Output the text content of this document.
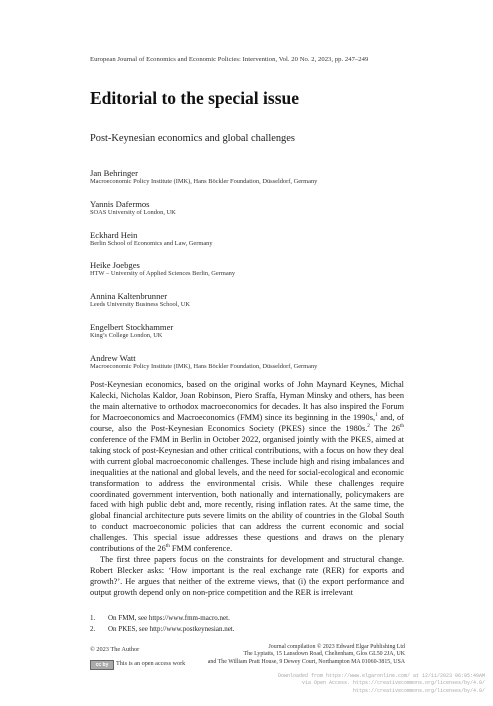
European Journal of Economics and Economic Policies: Intervention, Vol. 20 No. 2, 2023, pp. 247–249
Editorial to the special issue
Post-Keynesian economics and global challenges
Jan Behringer
Macroeconomic Policy Institute (IMK), Hans Böckler Foundation, Düsseldorf, Germany
Yannis Dafermos
SOAS University of London, UK
Eckhard Hein
Berlin School of Economics and Law, Germany
Heike Joebges
HTW – University of Applied Sciences Berlin, Germany
Annina Kaltenbrunner
Leeds University Business School, UK
Engelbert Stockhammer
King’s College London, UK
Andrew Watt
Macroeconomic Policy Institute (IMK), Hans Böckler Foundation, Düsseldorf, Germany

Post-Keynesian economics, based on the original works of John Maynard Keynes, Michal Kalecki, Nicholas Kaldor, Joan Robinson, Piero Sraffa, Hyman Minsky and others, has been the main alternative to orthodox macroeconomics for decades. It has also inspired the Forum for Macroeconomics and Macroeconomics (FMM) since its beginning in the 1990s,$^1$ and, of course, also the Post-Keynesian Economics Society (PKES) since the 1980s.$^2$ The 26th conference of the FMM in Berlin in October 2022, organised jointly with the PKES, aimed at taking stock of post-Keynesian and other critical contributions, with a focus on how they deal with current global macroeconomic challenges. These include high and rising imbalances and inequalities at the national and global levels, and the need for social-ecological and economic transformation to address the environmental crisis. While these challenges require coordinated government intervention, both nationally and internationally, policymakers are faced with high public debt and, more recently, rising inflation rates. At the same time, the global financial architecture puts severe limits on the ability of countries in the Global South to conduct macroeconomic policies that can address the current economic and social challenges. This special issue addresses these questions and draws on the plenary contributions of the 26th FMM conference.

The first three papers focus on the constraints for development and structural change. Robert Blecker asks: ‘How important is the real exchange rate (RER) for exports and growth?’. He argues that neither of the extreme views, that (i) the export performance and output growth depend only on non-price competition and the RER is irrelevant

1. On FMM, see https://www.fmm-macro.net.
2. On PKES, see http://www.postkeynesian.net.
© 2023 The Author
cc by	This is an open access work
Journal compilation © 2023 Edward Elgar Publishing Ltd
The Lypiatts, 15 Lansdown Road, Cheltenham, Glos GL50 2JA, UK
and The William Pratt House, 9 Dewey Court, Northampton MA 01060-3815, USA
Downloaded from https://www.elgaronline.com/ at 12/11/2023 06:05:49AM
via Open Access. https://creativecommons.org/licenses/by/4.0/
https://creativecommons.org/licenses/by/4.0/
